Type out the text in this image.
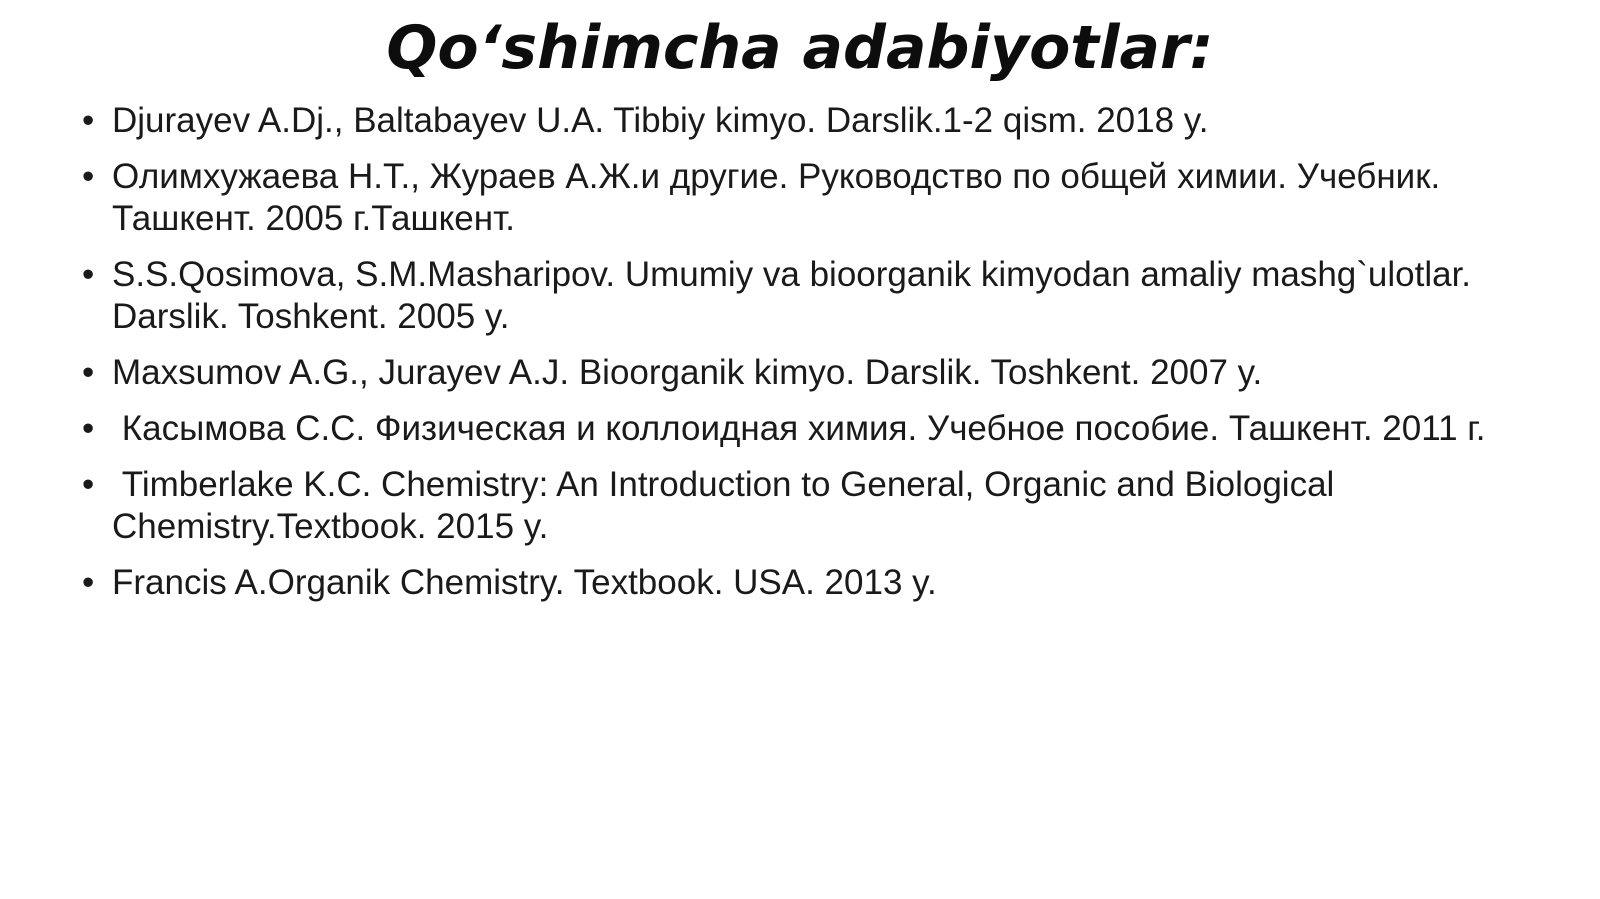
Qo‘shimcha adabiyotlar:
• Djurayev A.Dj., Baltabayev U.A. Tibbiy kimyo. Darslik.1-2 qism. 2018 y.
• Олимхужаева Н.Т., Жураев А.Ж.и другие. Руководство по общей химии. Учебник. Ташкент. 2005 г.Ташкент.
• S.S.Qosimova, S.M.Masharipov. Umumiy va bioorganik kimyodan amaliy mashg`ulotlar. Darslik. Toshkent. 2005 y.
• Maxsumov A.G., Jurayev A.J. Bioorganik kimyo. Darslik. Toshkent. 2007 y.
• Касымова С.С. Физическая и коллоидная химия. Учебное пособие. Ташкент. 2011 г.
• Timberlake K.C. Chemistry: An Introduction to General, Organic and Biological Chemistry.Textbook. 2015 y.
• Francis A.Organik Chemistry. Textbook. USA. 2013 y.
